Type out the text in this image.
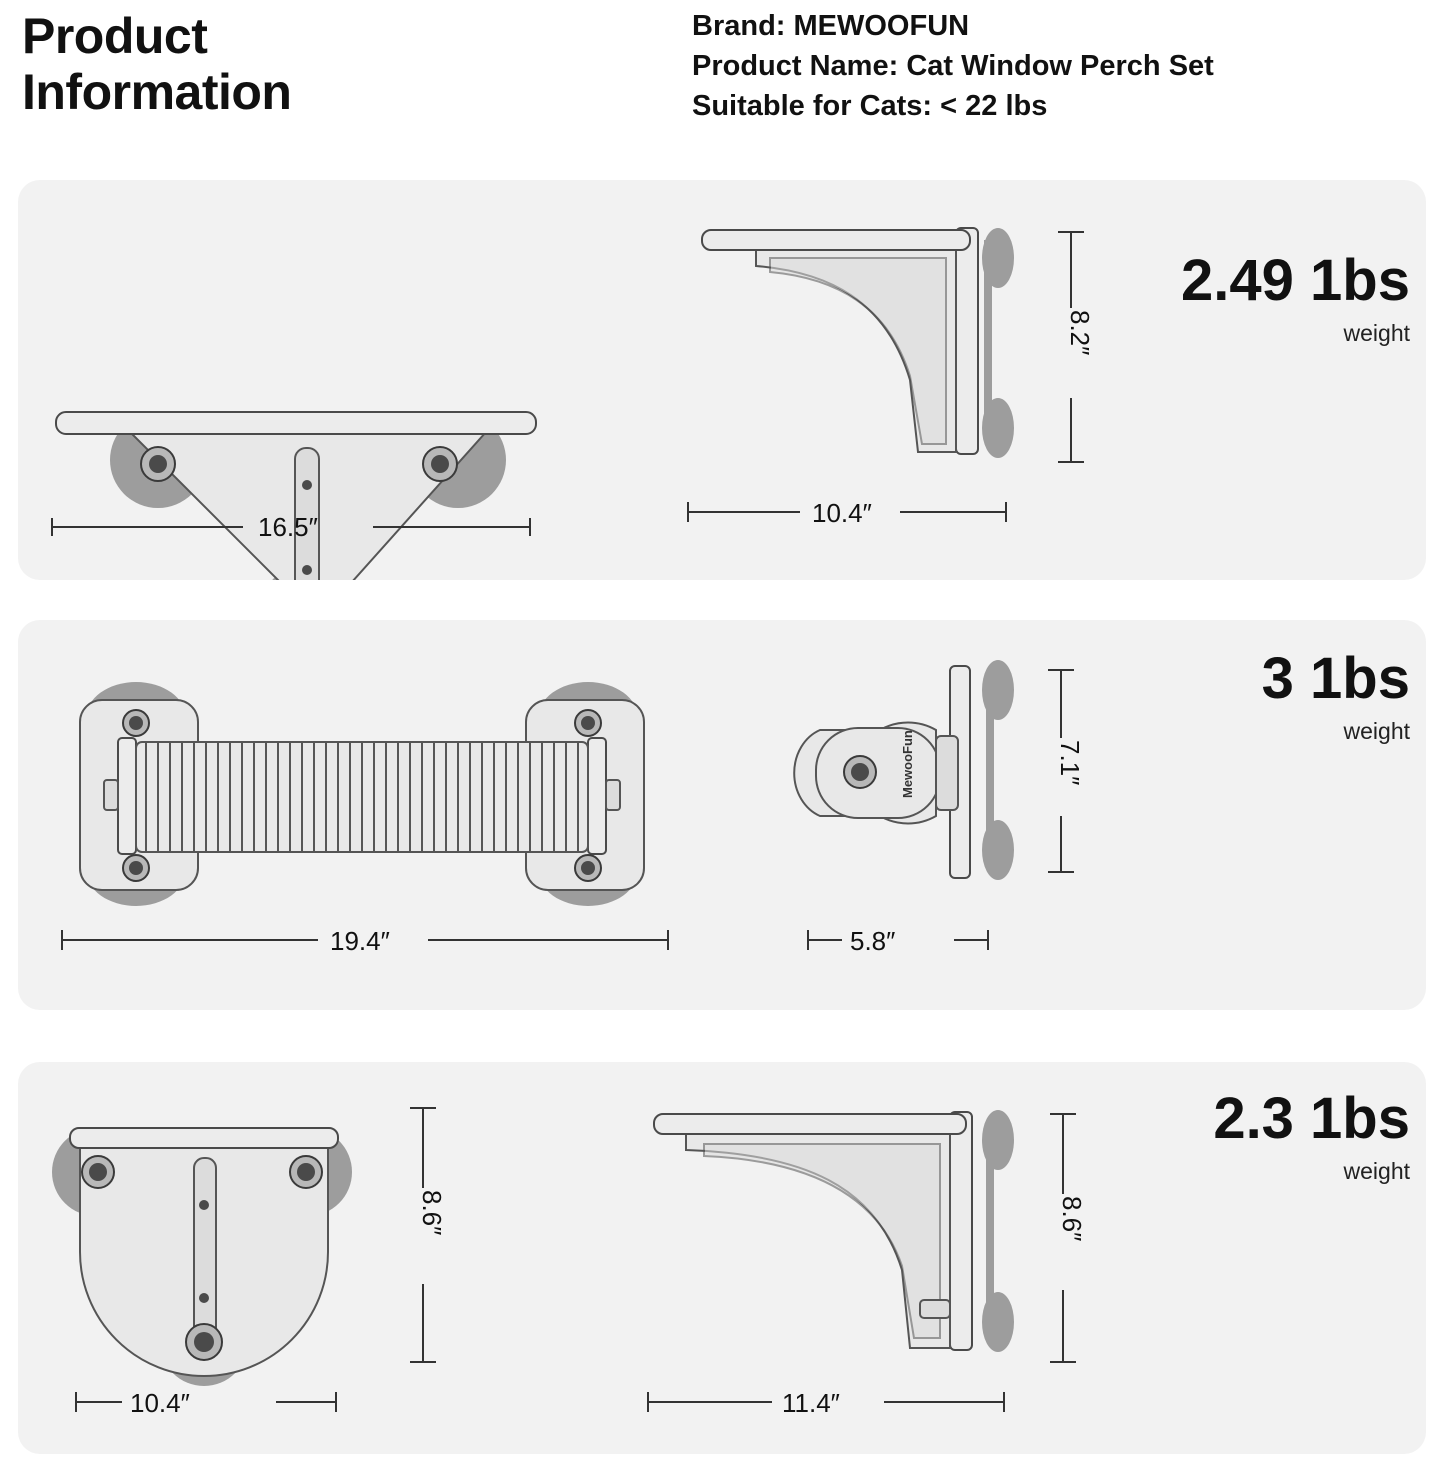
Product Information
Brand: MEWOOFUN
Product Name: Cat Window Perch Set
Suitable for Cats: < 22 lbs
16.5″
8.2″
10.4″
2.49 1bs
weight
19.4″
MewooFun	7.1″
5.8″
3 1bs
weight
8.6″
10.4″
8.6″
11.4″
2.3 1bs
weight
